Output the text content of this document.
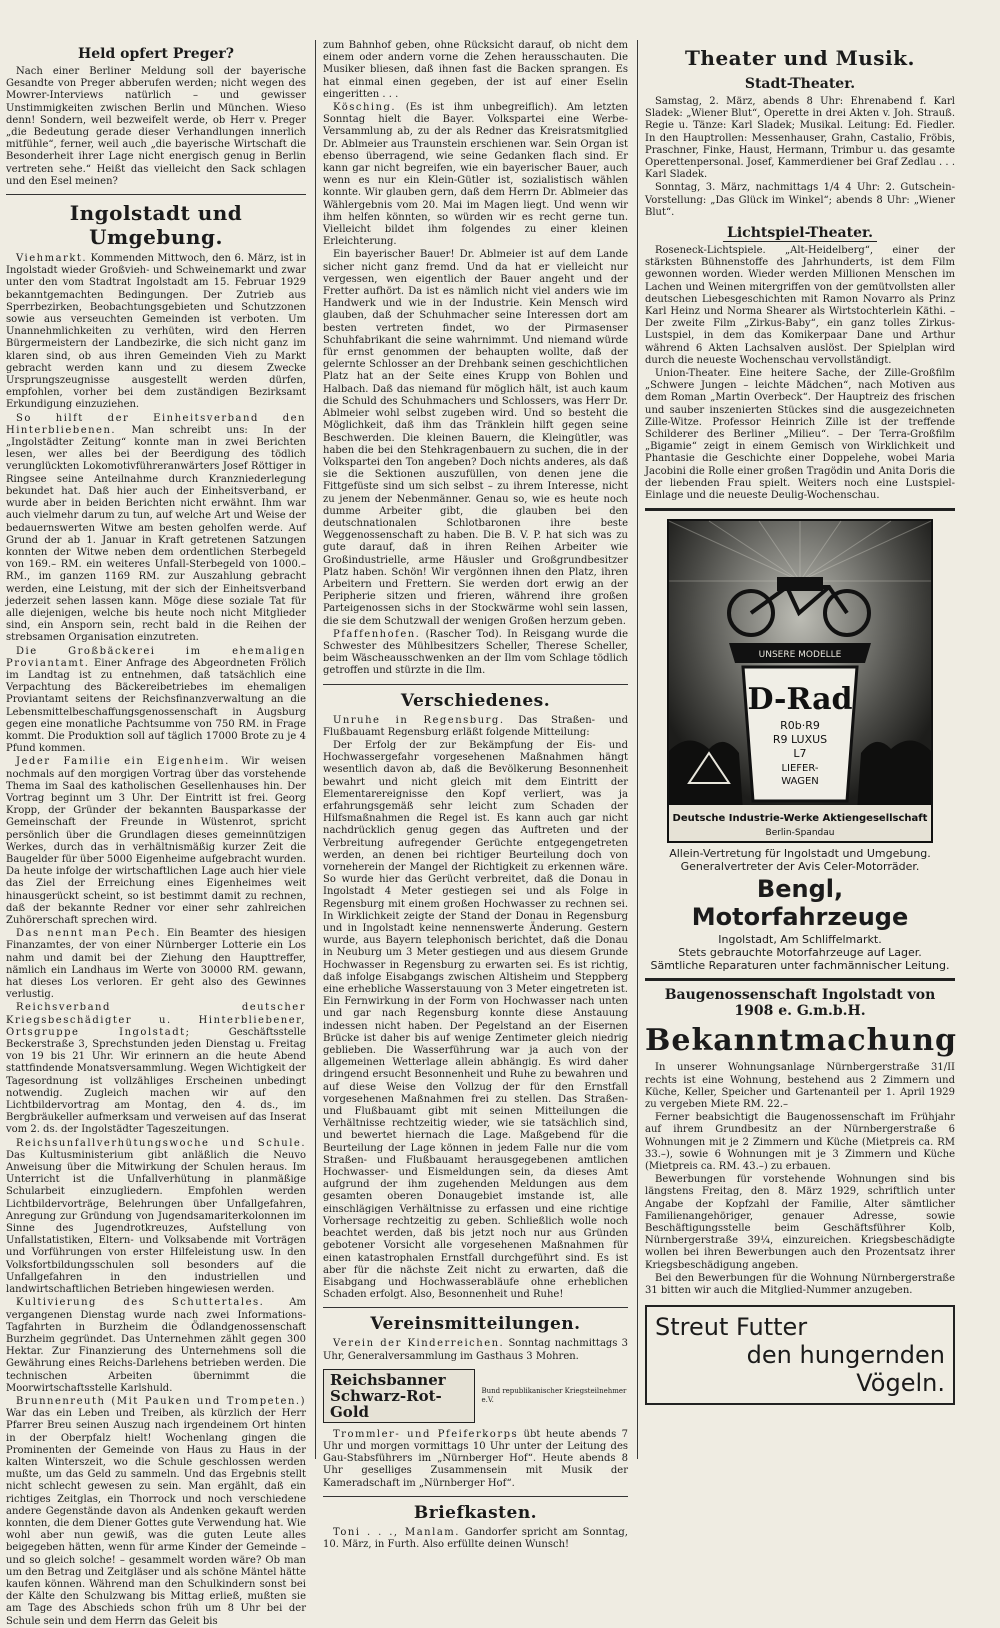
Held opfert Preger?

Nach einer Berliner Meldung soll der bayerische Gesandte von Preger abberufen werden; nicht wegen des Mowrer-Interviews natürlich – und gewisser Unstimmigkeiten zwischen Berlin und München. Wieso denn! Sondern, weil bezweifelt werde, ob Herr v. Preger „die Bedeutung gerade dieser Verhandlungen innerlich mitfühle“, ferner, weil auch „die bayerische Wirtschaft die Besonderheit ihrer Lage nicht energisch genug in Berlin vertreten sehe.“ Heißt das vielleicht den Sack schlagen und den Esel meinen?

Ingolstadt und Umgebung.

Viehmarkt. Kommenden Mittwoch, den 6. März, ist in Ingolstadt wieder Großvieh- und Schweinemarkt und zwar unter den vom Stadtrat Ingolstadt am 15. Februar 1929 bekanntgemachten Bedingungen. Der Zutrieb aus Sperrbezirken, Beobachtungsgebieten und Schutzzonen sowie aus verseuchten Gemeinden ist verboten. Um Unannehmlichkeiten zu verhüten, wird den Herren Bürgermeistern der Landbezirke, die sich nicht ganz im klaren sind, ob aus ihren Gemeinden Vieh zu Markt gebracht werden kann und zu diesem Zwecke Ursprungszeugnisse ausgestellt werden dürfen, empfohlen, vorher bei dem zuständigen Bezirksamt Erkundigung einzuziehen.

So hilft der Einheitsverband den Hinterbliebenen. Man schreibt uns: In der „Ingolstädter Zeitung“ konnte man in zwei Berichten lesen, wer alles bei der Beerdigung des tödlich verunglückten Lokomotivführeranwärters Josef Röttiger in Ringsee seine Anteilnahme durch Kranzniederlegung bekundet hat. Daß hier auch der Einheitsverband, er wurde aber in beiden Berichten nicht erwähnt. Ihm war auch vielmehr darum zu tun, auf welche Art und Weise der bedauernswerten Witwe am besten geholfen werde. Auf Grund der ab 1. Januar in Kraft getretenen Satzungen konnten der Witwe neben dem ordentlichen Sterbegeld von 169.– RM. ein weiteres Unfall-Sterbegeld von 1000.– RM., im ganzen 1169 RM. zur Auszahlung gebracht werden, eine Leistung, mit der sich der Einheitsverband jederzeit sehen lassen kann. Möge diese soziale Tat für alle diejenigen, welche bis heute noch nicht Mitglieder sind, ein Ansporn sein, recht bald in die Reihen der strebsamen Organisation einzutreten.

Die Großbäckerei im ehemaligen Proviantamt. Einer Anfrage des Abgeordneten Frölich im Landtag ist zu entnehmen, daß tatsächlich eine Verpachtung des Bäckereibetriebes im ehemaligen Proviantamt seitens der Reichsfinanzverwaltung an die Lebensmittelbeschaffungsgenossenschaft in Augsburg gegen eine monatliche Pachtsumme von 750 RM. in Frage kommt. Die Produktion soll auf täglich 17000 Brote zu je 4 Pfund kommen.

Jeder Familie ein Eigenheim. Wir weisen nochmals auf den morgigen Vortrag über das vorstehende Thema im Saal des katholischen Gesellenhauses hin. Der Vortrag beginnt um 3 Uhr. Der Eintritt ist frei. Georg Kropp, der Gründer der bekannten Bausparkasse der Gemeinschaft der Freunde in Wüstenrot, spricht persönlich über die Grundlagen dieses gemeinnützigen Werkes, durch das in verhältnismäßig kurzer Zeit die Baugelder für über 5000 Eigenheime aufgebracht wurden. Da heute infolge der wirtschaftlichen Lage auch hier viele das Ziel der Erreichung eines Eigenheimes weit hinausgerückt scheint, so ist bestimmt damit zu rechnen, daß der bekannte Redner vor einer sehr zahlreichen Zuhörerschaft sprechen wird.

Das nennt man Pech. Ein Beamter des hiesigen Finanzamtes, der von einer Nürnberger Lotterie ein Los nahm und damit bei der Ziehung den Haupttreffer, nämlich ein Landhaus im Werte von 30000 RM. gewann, hat dieses Los verloren. Er geht also des Gewinnes verlustig.

Reichsverband deutscher Kriegsbeschädigter u. Hinterbliebener, Ortsgruppe Ingolstadt; Geschäftsstelle Beckerstraße 3, Sprechstunden jeden Dienstag u. Freitag von 19 bis 21 Uhr. Wir erinnern an die heute Abend stattfindende Monatsversammlung. Wegen Wichtigkeit der Tagesordnung ist vollzähliges Erscheinen unbedingt notwendig. Zugleich machen wir auf den Lichtbildervortrag am Montag, den 4. ds., im Bergbräukeller aufmerksam und verweisen auf das Inserat vom 2. ds. der Ingolstädter Tageszeitungen.

Reichsunfallverhütungswoche und Schule. Das Kultusministerium gibt anläßlich die Neuvo Anweisung über die Mitwirkung der Schulen heraus. Im Unterricht ist die Unfallverhütung in planmäßige Schularbeit einzugliedern. Empfohlen werden Lichtbildervorträge, Belehrungen über Unfallgefahren, Anregung zur Gründung von Jugendsamariterkolonnen im Sinne des Jugendrotkreuzes, Aufstellung von Unfallstatistiken, Eltern- und Volksabende mit Vorträgen und Vorführungen von erster Hilfeleistung usw. In den Volksfortbildungsschulen soll besonders auf die Unfallgefahren in den industriellen und landwirtschaftlichen Betrieben hingewiesen werden.

Kultivierung des Schuttertales. Am vergangenen Dienstag wurde nach zwei Informations-Tagfahrten in Burzheim die Ödlandgenossenschaft Burzheim gegründet. Das Unternehmen zählt gegen 300 Hektar. Zur Finanzierung des Unternehmens soll die Gewährung eines Reichs-Darlehens betrieben werden. Die technischen Arbeiten übernimmt die Moorwirtschaftsstelle Karlshuld.

Brunnenreuth (Mit Pauken und Trompeten.) War das ein Leben und Treiben, als kürzlich der Herr Pfarrer Breu seinen Auszug nach irgendeinem Ort hinten in der Oberpfalz hielt! Wochenlang gingen die Prominenten der Gemeinde von Haus zu Haus in der kalten Winterszeit, wo die Schule geschlossen werden mußte, um das Geld zu sammeln. Und das Ergebnis stellt nicht schlecht gewesen zu sein. Man ergählt, daß ein richtiges Zeitglas, ein Thorrock und noch verschiedene andere Gegenstände davon als Andenken gekauft werden konnten, die dem Diener Gottes gute Verwendung hat. Wie wohl aber nun gewiß, was die guten Leute alles beigegeben hätten, wenn für arme Kinder der Gemeinde – und so gleich solche! – gesammelt worden wäre? Ob man um den Betrag und Zeitgläser und als schöne Mäntel hätte kaufen können. Während man den Schulkindern sonst bei der Kälte den Schulzwang bis Mittag erließ, mußten sie am Tage des Abschieds schon früh um 8 Uhr bei der Schule sein und dem Herrn das Geleit bis

zum Bahnhof geben, ohne Rücksicht darauf, ob nicht dem einem oder andern vorne die Zehen herausschauten. Die Musiker bliesen, daß ihnen fast die Backen sprangen. Es hat einmal einen gegeben, der ist auf einer Eselin eingeritten . . .

Kösching. (Es ist ihm unbegreiflich). Am letzten Sonntag hielt die Bayer. Volkspartei eine Werbe-Versammlung ab, zu der als Redner das Kreisratsmitglied Dr. Ablmeier aus Traunstein erschienen war. Sein Organ ist ebenso überragend, wie seine Gedanken flach sind. Er kann gar nicht begreifen, wie ein bayerischer Bauer, auch wenn es nur ein Klein-Gütler ist, sozialistisch wählen konnte. Wir glauben gern, daß dem Herrn Dr. Ablmeier das Wählergebnis vom 20. Mai im Magen liegt. Und wenn wir ihm helfen könnten, so würden wir es recht gerne tun. Vielleicht bildet ihm folgendes zu einer kleinen Erleichterung.

Ein bayerischer Bauer! Dr. Ablmeier ist auf dem Lande sicher nicht ganz fremd. Und da hat er vielleicht nur vergessen, wen eigentlich der Bauer angeht und der Fretter aufhört. Da ist es nämlich nicht viel anders wie im Handwerk und wie in der Industrie. Kein Mensch wird glauben, daß der Schuhmacher seine Interessen dort am besten vertreten findet, wo der Pirmasenser Schuhfabrikant die seine wahrnimmt. Und niemand würde für ernst genommen der behaupten wollte, daß der gelernte Schlosser an der Drehbank seinen geschichtlichen Platz hat an der Seite eines Krupp von Bohlen und Halbach. Daß das niemand für möglich hält, ist auch kaum die Schuld des Schuhmachers und Schlossers, was Herr Dr. Ablmeier wohl selbst zugeben wird. Und so besteht die Möglichkeit, daß ihm das Tränklein hilft gegen seine Beschwerden. Die kleinen Bauern, die Kleingütler, was haben die bei den Stehkragenbauern zu suchen, die in der Volkspartei den Ton angeben? Doch nichts anderes, als daß sie die Sektionen auszufüllen, von denen jene die Fittgefüste sind um sich selbst – zu ihrem Interesse, nicht zu jenem der Nebenmänner. Genau so, wie es heute noch dumme Arbeiter gibt, die glauben bei den deutschnationalen Schlotbaronen ihre beste Weggenossenschaft zu haben. Die B. V. P. hat sich was zu gute darauf, daß in ihren Reihen Arbeiter wie Großindustrielle, arme Häusler und Großgrundbesitzer Platz haben. Schön! Wir vergönnen ihnen den Platz, ihren Arbeitern und Frettern. Sie werden dort erwig an der Peripherie sitzen und frieren, während ihre großen Parteigenossen sichs in der Stockwärme wohl sein lassen, die sie dem Schutzwall der wenigen Großen herzum geben.

Pfaffenhofen. (Rascher Tod). In Reisgang wurde die Schwester des Mühlbesitzers Scheller, Therese Scheller, beim Wäscheausschwenken an der Ilm vom Schlage tödlich getroffen und stürzte in die Ilm.

Verschiedenes.

Unruhe in Regensburg. Das Straßen- und Flußbauamt Regensburg erläßt folgende Mitteilung:

Der Erfolg der zur Bekämpfung der Eis- und Hochwassergefahr vorgesehenen Maßnahmen hängt wesentlich davon ab, daß die Bevölkerung Besonnenheit bewahrt und nicht gleich mit dem Eintritt der Elementarereignisse den Kopf verliert, was ja erfahrungsgemäß sehr leicht zum Schaden der Hilfsmaßnahmen die Regel ist. Es kann auch gar nicht nachdrücklich genug gegen das Auftreten und der Verbreitung aufregender Gerüchte entgegengetreten werden, an denen bei richtiger Beurteilung doch von vorneherein der Mangel der Richtigkeit zu erkennen wäre. So wurde hier das Gerücht verbreitet, daß die Donau in Ingolstadt 4 Meter gestiegen sei und als Folge in Regensburg mit einem großen Hochwasser zu rechnen sei. In Wirklichkeit zeigte der Stand der Donau in Regensburg und in Ingolstadt keine nennenswerte Änderung. Gestern wurde, aus Bayern telephonisch berichtet, daß die Donau in Neuburg um 3 Meter gestiegen und aus diesem Grunde Hochwasser in Regensburg zu erwarten sei. Es ist richtig, daß infolge Eisabgangs zwischen Altisheim und Steppberg eine erhebliche Wasserstauung von 3 Meter eingetreten ist. Ein Fernwirkung in der Form von Hochwasser nach unten und gar nach Regensburg konnte diese Anstauung indessen nicht haben. Der Pegelstand an der Eisernen Brücke ist daher bis auf wenige Zentimeter gleich niedrig geblieben. Die Wasserführung war ja auch von der allgemeinen Wetterlage allein abhängig. Es wird daher dringend ersucht Besonnenheit und Ruhe zu bewahren und auf diese Weise den Vollzug der für den Ernstfall vorgesehenen Maßnahmen frei zu stellen. Das Straßen- und Flußbauamt gibt mit seinen Mitteilungen die Verhältnisse rechtzeitig wieder, wie sie tatsächlich sind, und bewertet hiernach die Lage. Maßgebend für die Beurteilung der Lage können in jedem Falle nur die vom Straßen- und Flußbauamt herausgegebenen amtlichen Hochwasser- und Eismeldungen sein, da dieses Amt aufgrund der ihm zugehenden Meldungen aus dem gesamten oberen Donaugebiet imstande ist, alle einschlägigen Verhältnisse zu erfassen und eine richtige Vorhersage rechtzeitig zu geben. Schließlich wolle noch beachtet werden, daß bis jetzt noch nur aus Gründen gebotener Vorsicht alle vorgesehenen Maßnahmen für einen katastrophalen Ernstfall durchgeführt sind. Es ist aber für die nächste Zeit nicht zu erwarten, daß die Eisabgang und Hochwasserabläufe ohne erheblichen Schaden erfolgt. Also, Besonnenheit und Ruhe!

Vereinsmitteilungen.

Verein der Kinderreichen. Sonntag nachmittags 3 Uhr, Generalversammlung im Gasthaus 3 Mohren.

Reichsbanner
Schwarz-Rot-Gold
Bund republikanischer Kriegsteilnehmer e.V.

Trommler- und Pfeiferkorps übt heute abends 7 Uhr und morgen vormittags 10 Uhr unter der Leitung des Gau-Stabsführers im „Nürnberger Hof“. Heute abends 8 Uhr geselliges Zusammensein mit Musik der Kameradschaft im „Nürnberger Hof“.

Briefkasten.

Toni . . ., Manlam. Gandorfer spricht am Sonntag, 10. März, in Furth. Also erfüllte deinen Wunsch!

Theater und Musik.
Stadt-Theater.

Samstag, 2. März, abends 8 Uhr: Ehrenabend f. Karl Sladek: „Wiener Blut“, Operette in drei Akten v. Joh. Strauß. Regie u. Tänze: Karl Sladek; Musikal. Leitung: Ed. Fiedler. In den Hauptrollen: Messenhauser, Grahn, Castalio, Fröbis, Praschner, Finke, Haust, Hermann, Trimbur u. das gesamte Operettenpersonal. Josef, Kammerdiener bei Graf Zedlau . . . Karl Sladek.

Sonntag, 3. März, nachmittags 1/4 4 Uhr: 2. Gutschein-Vorstellung: „Das Glück im Winkel“; abends 8 Uhr: „Wiener Blut“.

Lichtspiel-Theater.

Roseneck-Lichtspiele. „Alt-Heidelberg“, einer der stärksten Bühnenstoffe des Jahrhunderts, ist dem Film gewonnen worden. Wieder werden Millionen Menschen im Lachen und Weinen mitergriffen von der gemütvollsten aller deutschen Liebesgeschichten mit Ramon Novarro als Prinz Karl Heinz und Norma Shearer als Wirtstochterlein Käthi. – Der zweite Film „Zirkus-Baby“, ein ganz tolles Zirkus-Lustspiel, in dem das Komikerpaar Dane und Arthur während 6 Akten Lachsalven auslöst. Der Spielplan wird durch die neueste Wochenschau vervollständigt.

Union-Theater. Eine heitere Sache, der Zille-Großfilm „Schwere Jungen – leichte Mädchen“, nach Motiven aus dem Roman „Martin Overbeck“. Der Hauptreiz des frischen und sauber inszenierten Stückes sind die ausgezeichneten Zille-Witze. Professor Heinrich Zille ist der treffende Schilderer des Berliner „Milieu“. – Der Terra-Großfilm „Bigamie“ zeigt in einem Gemisch von Wirklichkeit und Phantasie die Geschichte einer Doppelehe, wobei Maria Jacobini die Rolle einer großen Tragödin und Anita Doris die der liebenden Frau spielt. Weiters noch eine Lustspiel-Einlage und die neueste Deulig-Wochenschau.

UNSERE MODELLE
D-Rad
R0b·R9
R9 LUXUS
L7
LIEFER-
WAGEN
Deutsche Industrie-Werke Aktiengesellschaft
Berlin-Spandau
Allein-Vertretung für Ingolstadt und Umgebung.
Generalvertreter der Avis Celer-Motorräder.
Bengl, Motorfahrzeuge
Ingolstadt, Am Schliffelmarkt.
Stets gebrauchte Motorfahrzeuge auf Lager.
Sämtliche Reparaturen unter fachmännischer Leitung.
Baugenossenschaft Ingolstadt von 1908 e. G.m.b.H.
Bekanntmachung

In unserer Wohnungsanlage Nürnbergerstraße 31/II rechts ist eine Wohnung, bestehend aus 2 Zimmern und Küche, Keller, Speicher und Gartenanteil per 1. April 1929 zu vergeben Miete RM. 22.–

Ferner beabsichtigt die Baugenossenschaft im Frühjahr auf ihrem Grundbesitz an der Nürnbergerstraße 6 Wohnungen mit je 2 Zimmern und Küche (Mietpreis ca. RM 33.–), sowie 6 Wohnungen mit je 3 Zimmern und Küche (Mietpreis ca. RM. 43.–) zu erbauen.

Bewerbungen für vorstehende Wohnungen sind bis längstens Freitag, den 8. März 1929, schriftlich unter Angabe der Kopfzahl der Familie, Alter sämtlicher Familienangehöriger, genauer Adresse, sowie Beschäftigungsstelle beim Geschäftsführer Kolb, Nürnbergerstraße 39¼, einzureichen. Kriegsbeschädigte wollen bei ihren Bewerbungen auch den Prozentsatz ihrer Kriegsbeschädigung angeben.

Bei den Bewerbungen für die Wohnung Nürnbergerstraße 31 bitten wir auch die Mitglied-Nummer anzugeben.

Streut Futter
den hungernden Vögeln.
